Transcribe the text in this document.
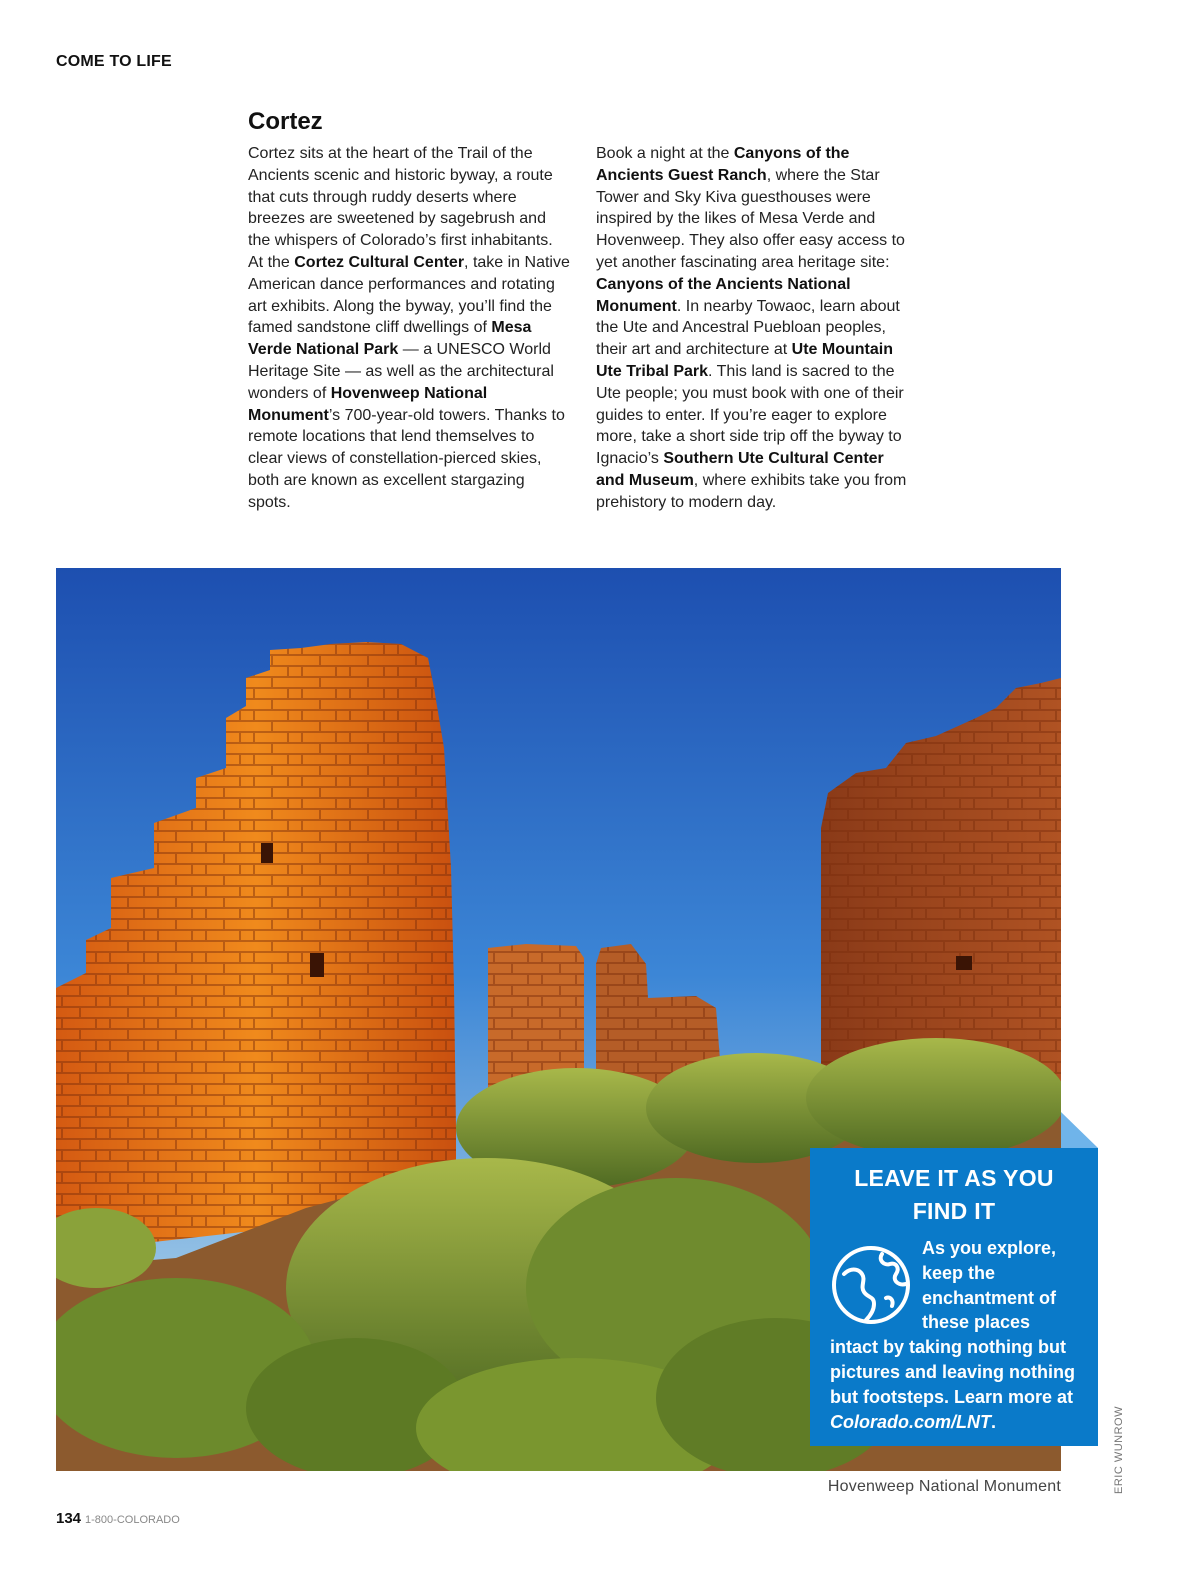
COME TO LIFE
Cortez

Cortez sits at the heart of the Trail of the Ancients scenic and historic byway, a route that cuts through ruddy deserts where breezes are sweetened by sagebrush and the whispers of Colorado’s first inhabitants. At the Cortez Cultural Center, take in Native American dance performances and rotating art exhibits. Along the byway, you’ll find the famed sandstone cliff dwellings of Mesa Verde National Park — a UNESCO World Heritage Site — as well as the architectural wonders of Hovenweep National Monument’s 700-year-old towers. Thanks to remote locations that lend themselves to clear views of constellation-pierced skies, both are known as excellent stargazing spots.

Book a night at the Canyons of the Ancients Guest Ranch, where the Star Tower and Sky Kiva guesthouses were inspired by the likes of Mesa Verde and Hovenweep. They also offer easy access to yet another fascinating area heritage site: Canyons of the Ancients National Monument. In nearby Towaoc, learn about the Ute and Ancestral Puebloan peoples, their art and architecture at Ute Mountain Ute Tribal Park. This land is sacred to the Ute people; you must book with one of their guides to enter. If you’re eager to explore more, take a short side trip off the byway to Ignacio’s Southern Ute Cultural Center and Museum, where exhibits take you from prehistory to modern day.

LEAVE IT AS YOU FIND IT

As you explore, keep the enchantment of these places intact by taking nothing but pictures and leaving nothing but footsteps. Learn more at Colorado.com/LNT.

Hovenweep National Monument	ERIC WUNROW
134 1-800-COLORADO
